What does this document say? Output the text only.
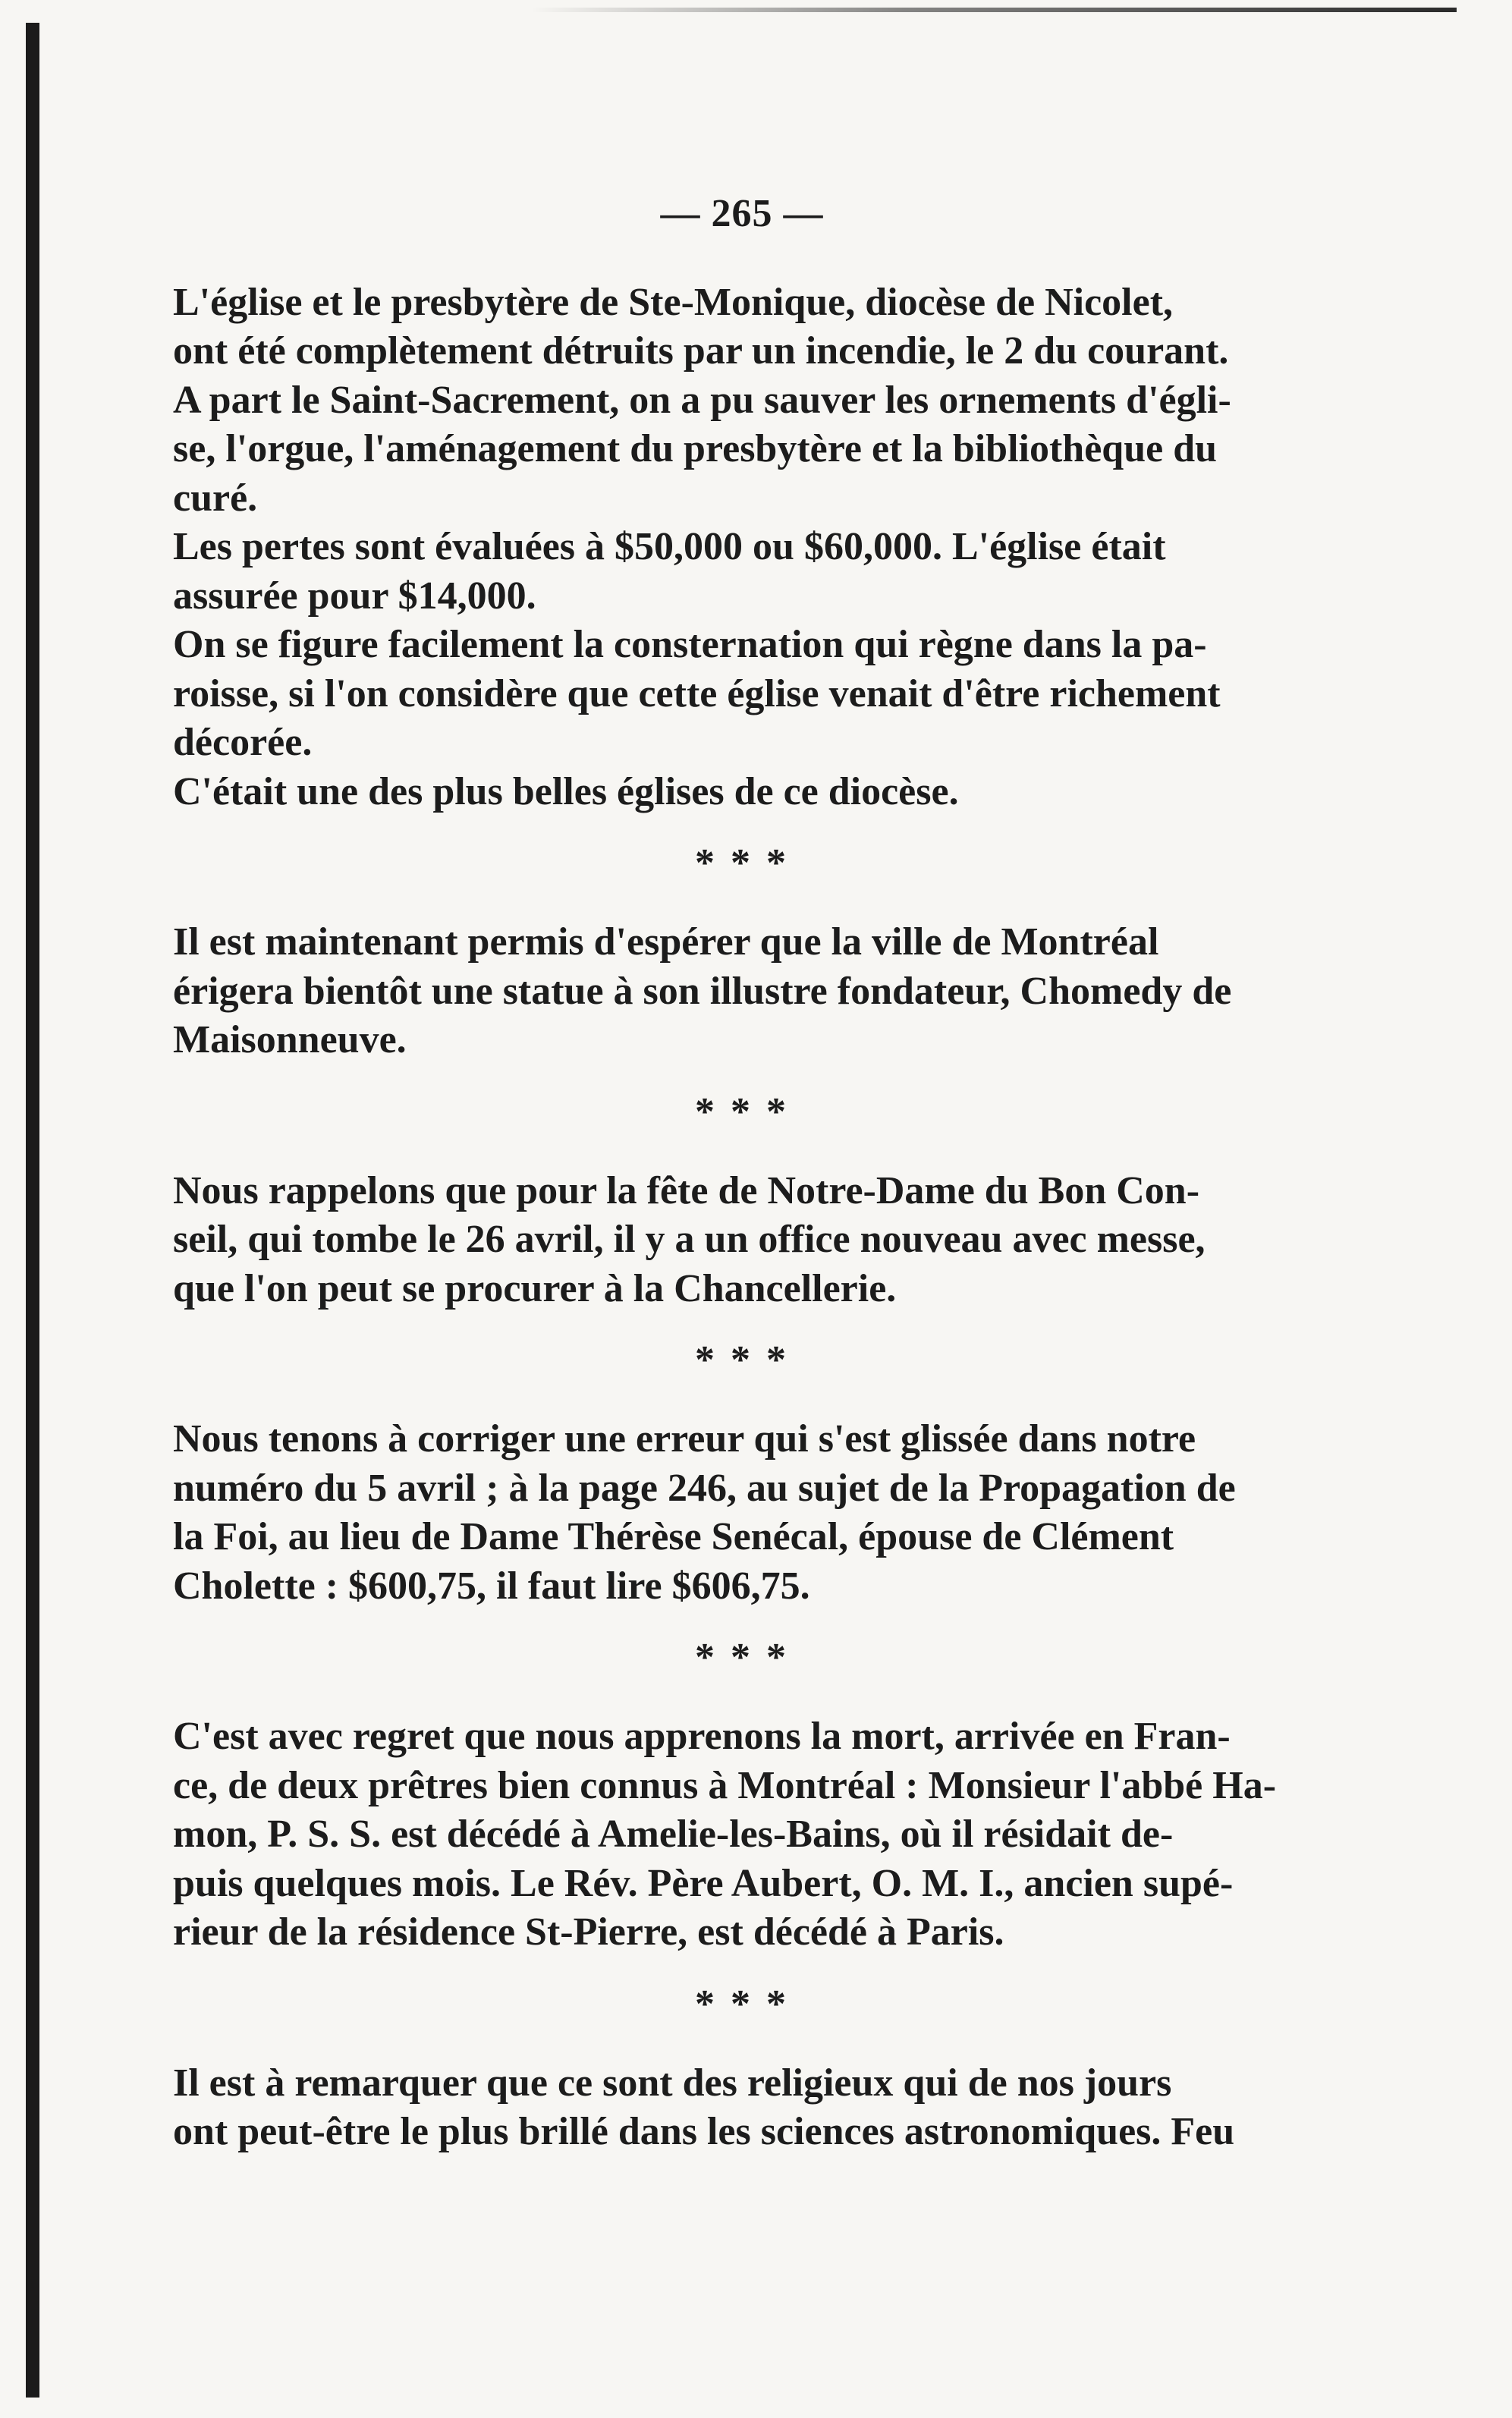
— 265 —

L'église et le presbytère de Ste-Monique, diocèse de Nicolet,
ont été complètement détruits par un incendie, le 2 du courant.
A part le Saint-Sacrement, on a pu sauver les ornements d'égli-
se, l'orgue, l'aménagement du presbytère et la bibliothèque du
curé.

Les pertes sont évaluées à $50,000 ou $60,000. L'église était
assurée pour $14,000.

On se figure facilement la consternation qui règne dans la pa-
roisse, si l'on considère que cette église venait d'être richement
décorée.

C'était une des plus belles églises de ce diocèse.

* * *

Il est maintenant permis d'espérer que la ville de Montréal
érigera bientôt une statue à son illustre fondateur, Chomedy de
Maisonneuve.

* * *

Nous rappelons que pour la fête de Notre-Dame du Bon Con-
seil, qui tombe le 26 avril, il y a un office nouveau avec messe,
que l'on peut se procurer à la Chancellerie.

* * *

Nous tenons à corriger une erreur qui s'est glissée dans notre
numéro du 5 avril ; à la page 246, au sujet de la Propagation de
la Foi, au lieu de Dame Thérèse Senécal, épouse de Clément
Cholette : $600,75, il faut lire $606,75.

* * *

C'est avec regret que nous apprenons la mort, arrivée en Fran-
ce, de deux prêtres bien connus à Montréal : Monsieur l'abbé Ha-
mon, P. S. S. est décédé à Amelie-les-Bains, où il résidait de-
puis quelques mois. Le Rév. Père Aubert, O. M. I., ancien supé-
rieur de la résidence St-Pierre, est décédé à Paris.

* * *

Il est à remarquer que ce sont des religieux qui de nos jours
ont peut-être le plus brillé dans les sciences astronomiques. Feu
